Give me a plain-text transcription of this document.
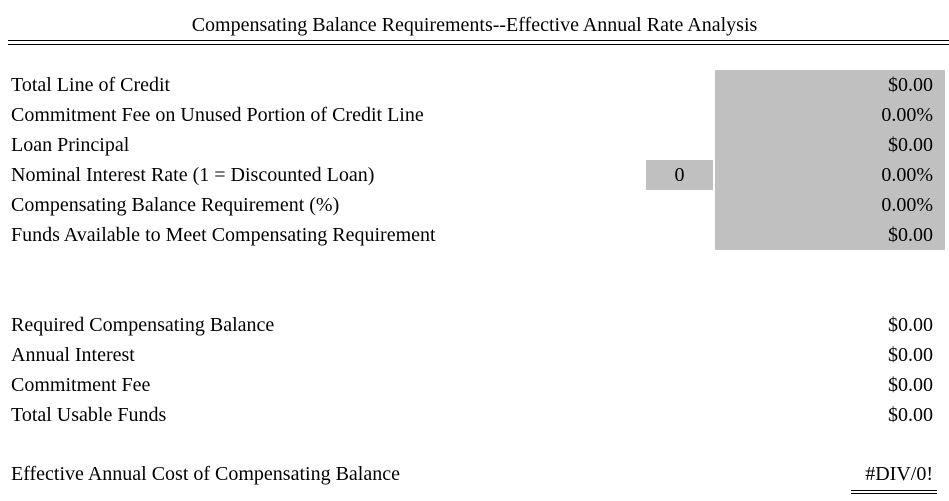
Compensating Balance Requirements--Effective Annual Rate Analysis
Total Line of Credit	$0.00
Commitment Fee on Unused Portion of Credit Line	0.00%
Loan Principal	$0.00
Nominal Interest Rate (1 = Discounted Loan)	0	0.00%
Compensating Balance Requirement (%)	0.00%
Funds Available to Meet Compensating Requirement	$0.00
Required Compensating Balance	$0.00
Annual Interest	$0.00
Commitment Fee	$0.00
Total Usable Funds	$0.00
Effective Annual Cost of Compensating Balance	#DIV/0!
